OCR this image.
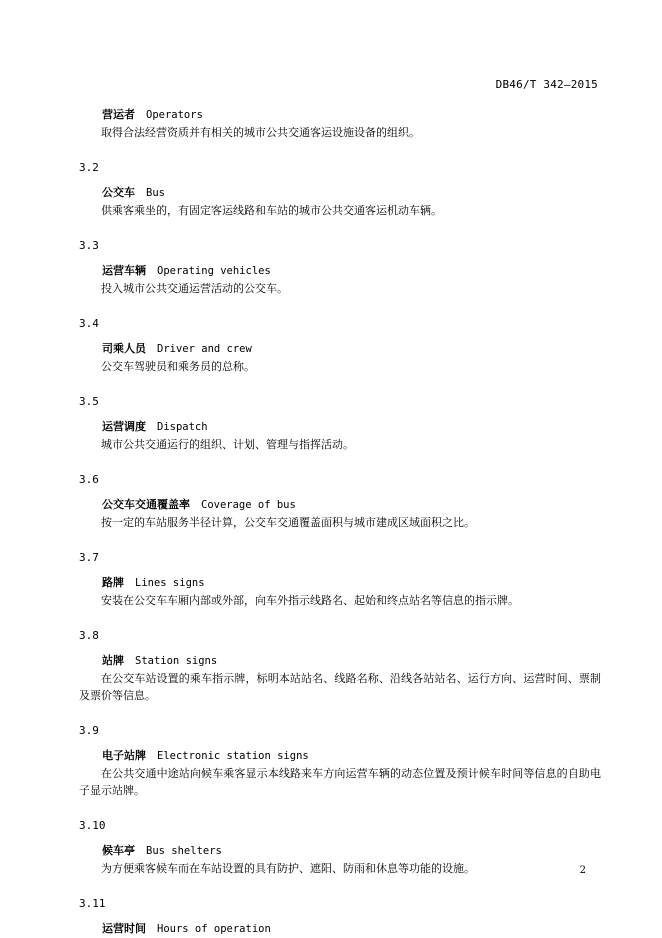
DB46/T 342—2015
营运者 Operators
取得合法经营资质并有相关的城市公共交通客运设施设备的组织。
3.2
公交车 Bus
供乘客乘坐的，有固定客运线路和车站的城市公共交通客运机动车辆。
3.3
运营车辆 Operating vehicles
投入城市公共交通运营活动的公交车。
3.4
司乘人员 Driver and crew
公交车驾驶员和乘务员的总称。
3.5
运营调度 Dispatch
城市公共交通运行的组织、计划、管理与指挥活动。
3.6
公交车交通覆盖率 Coverage of bus
按一定的车站服务半径计算，公交车交通覆盖面积与城市建成区域面积之比。
3.7
路牌 Lines signs
安装在公交车车厢内部或外部，向车外指示线路名、起始和终点站名等信息的指示牌。
3.8
站牌 Station signs
在公交车站设置的乘车指示牌，标明本站站名、线路名称、沿线各站站名、运行方向、运营时间、票制及票价等信息。
3.9
电子站牌 Electronic station signs
在公共交通中途站向候车乘客显示本线路来车方向运营车辆的动态位置及预计候车时间等信息的自助电子显示站牌。
3.10
候车亭 Bus shelters
为方便乘客候车而在车站设置的具有防护、遮阳、防雨和休息等功能的设施。
3.11
运营时间 Hours of operation
2
